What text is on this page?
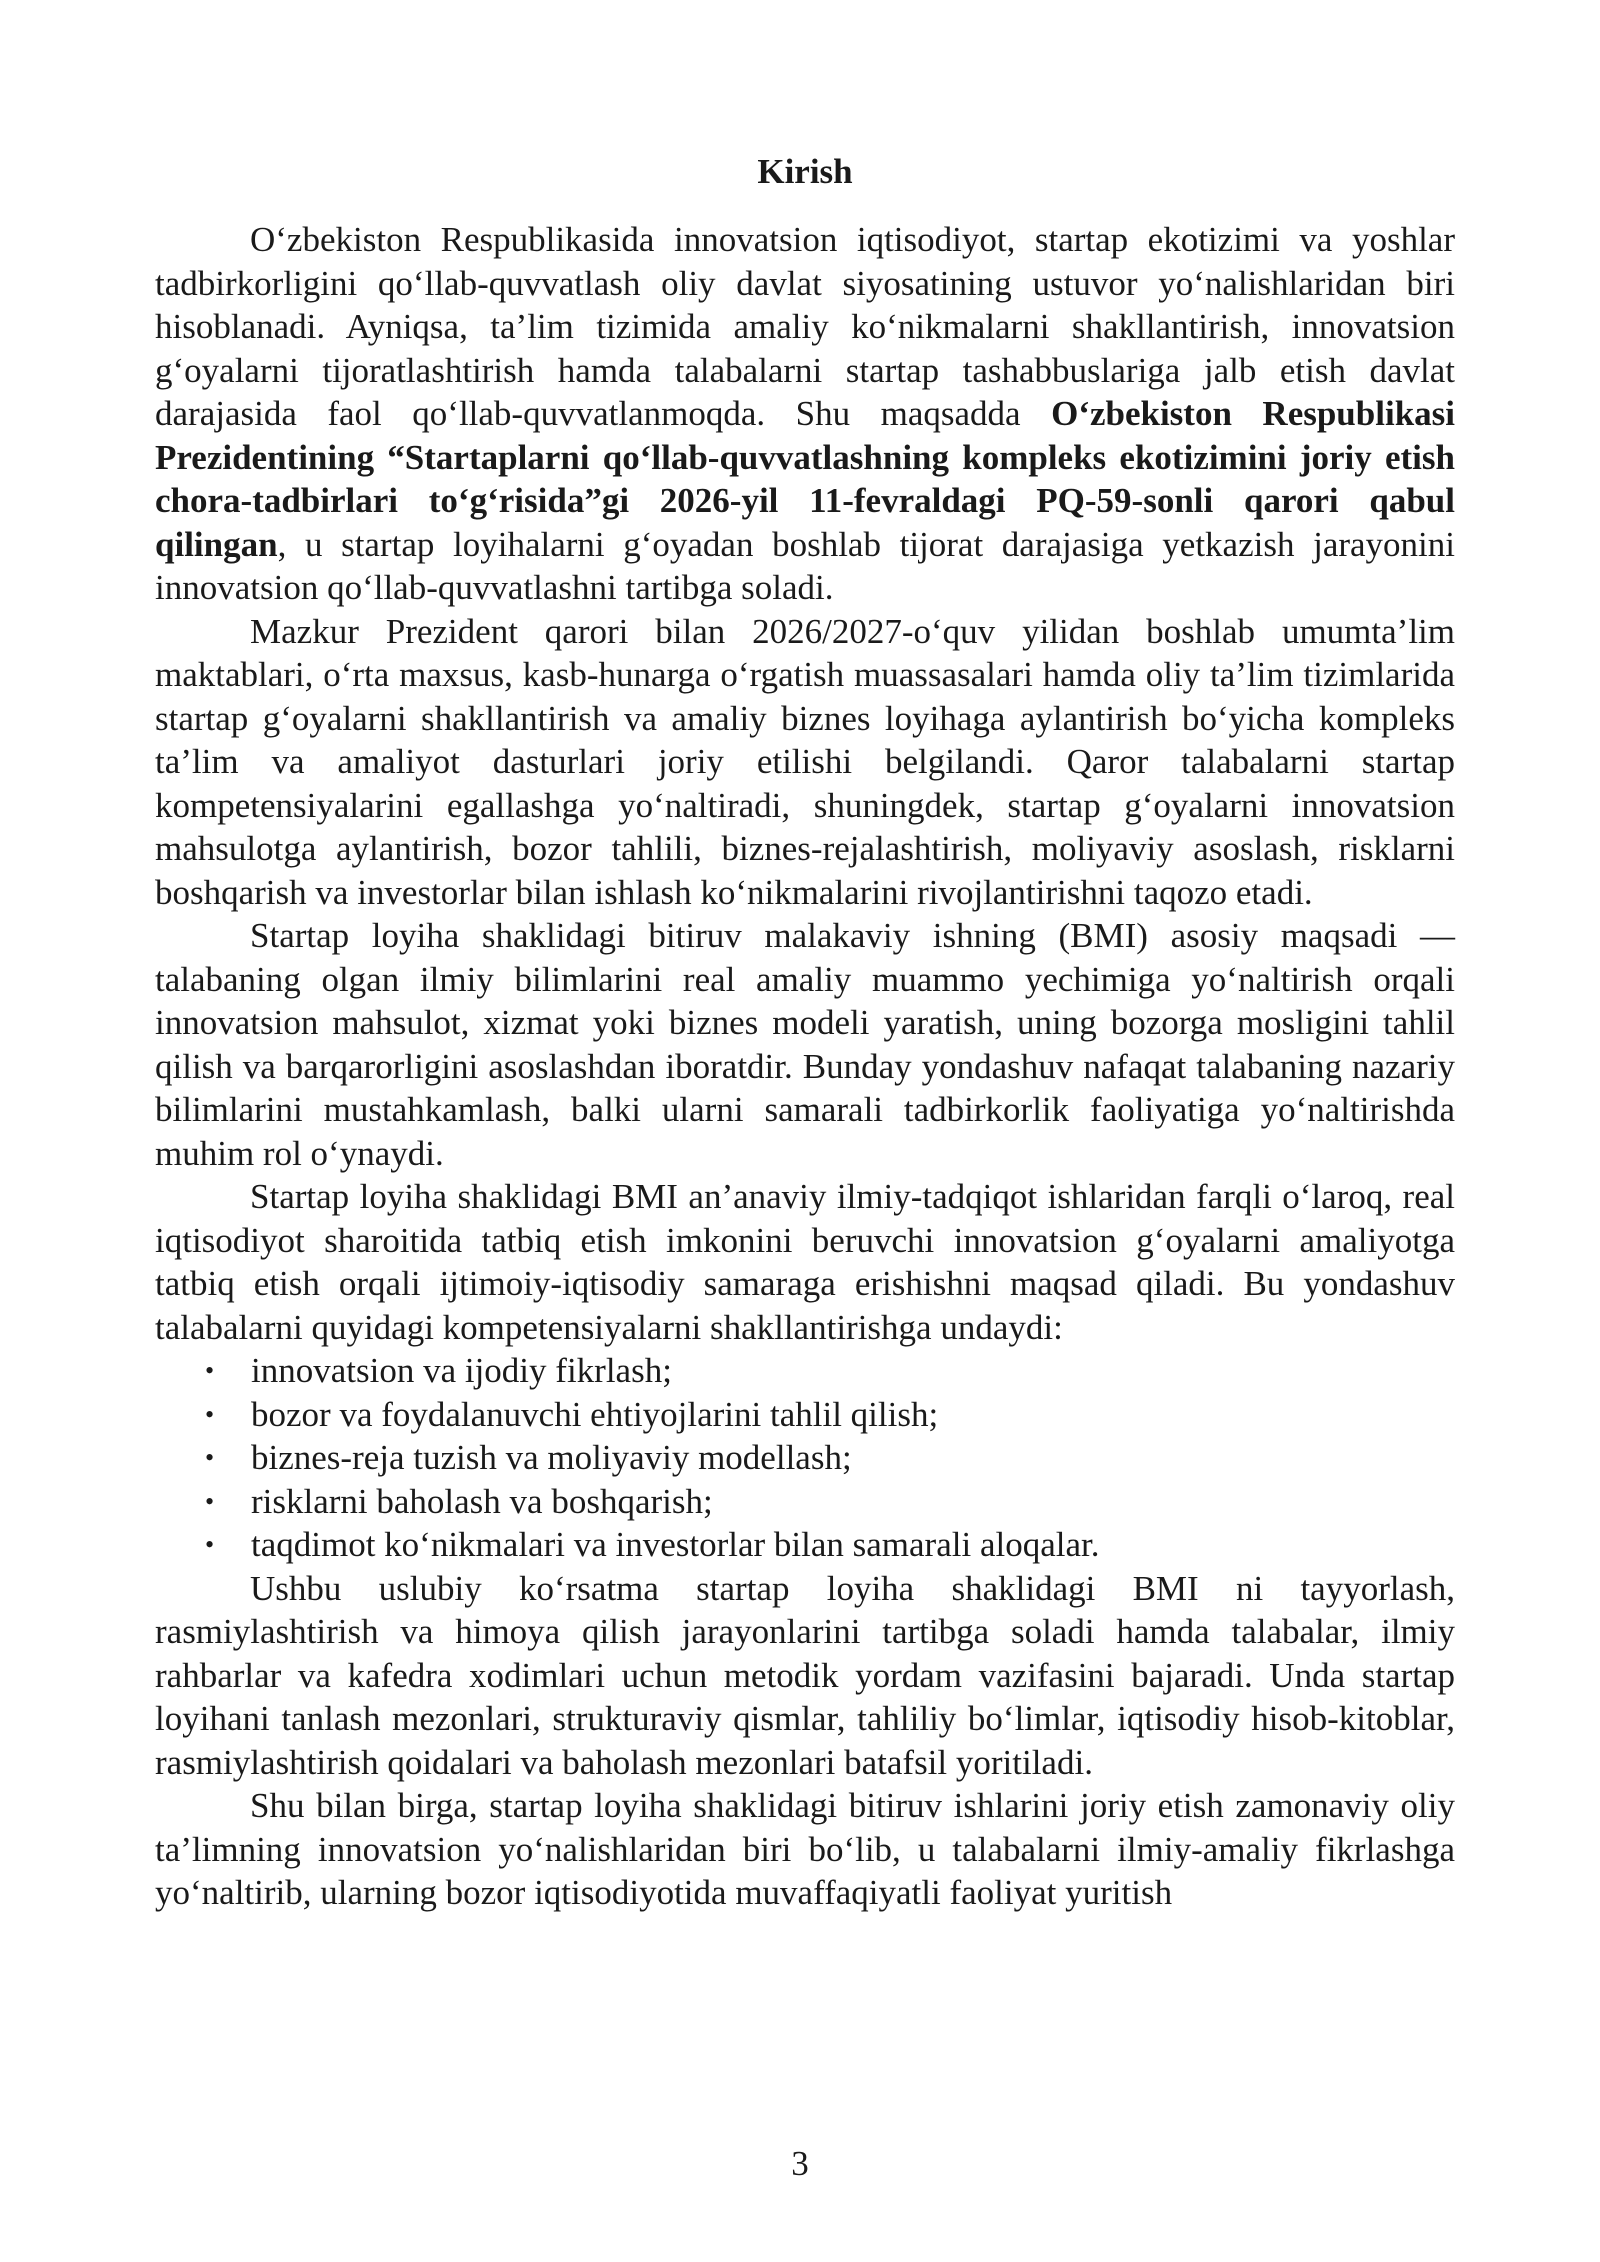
Kirish

O‘zbekiston Respublikasida innovatsion iqtisodiyot, startap ekotizimi va yoshlar tadbirkorligini qo‘llab-quvvatlash oliy davlat siyosatining ustuvor yo‘nalishlaridan biri hisoblanadi. Ayniqsa, ta’lim tizimida amaliy ko‘nikmalarni shakllantirish, innovatsion g‘oyalarni tijoratlashtirish hamda talabalarni startap tashabbuslariga jalb etish davlat darajasida faol qo‘llab-quvvatlanmoqda. Shu maqsadda O‘zbekiston Respublikasi Prezidentining “Startaplarni qo‘llab-quvvatlashning kompleks ekotizimini joriy etish chora-tadbirlari to‘g‘risida”gi 2026-yil 11-fevraldagi PQ-59-sonli qarori qabul qilingan, u startap loyihalarni g‘oyadan boshlab tijorat darajasiga yetkazish jarayonini innovatsion qo‘llab-quvvatlashni tartibga soladi.

Mazkur Prezident qarori bilan 2026/2027-o‘quv yilidan boshlab umumta’lim maktablari, o‘rta maxsus, kasb-hunarga o‘rgatish muassasalari hamda oliy ta’lim tizimlarida startap g‘oyalarni shakllantirish va amaliy biznes loyihaga aylantirish bo‘yicha kompleks ta’lim va amaliyot dasturlari joriy etilishi belgilandi. Qaror talabalarni startap kompetensiyalarini egallashga yo‘naltiradi, shuningdek, startap g‘oyalarni innovatsion mahsulotga aylantirish, bozor tahlili, biznes-rejalashtirish, moliyaviy asoslash, risklarni boshqarish va investorlar bilan ishlash ko‘nikmalarini rivojlantirishni taqozo etadi.

Startap loyiha shaklidagi bitiruv malakaviy ishning (BMI) asosiy maqsadi — talabaning olgan ilmiy bilimlarini real amaliy muammo yechimiga yo‘naltirish orqali innovatsion mahsulot, xizmat yoki biznes modeli yaratish, uning bozorga mosligini tahlil qilish va barqarorligini asoslashdan iboratdir. Bunday yondashuv nafaqat talabaning nazariy bilimlarini mustahkamlash, balki ularni samarali tadbirkorlik faoliyatiga yo‘naltirishda muhim rol o‘ynaydi.

Startap loyiha shaklidagi BMI an’anaviy ilmiy-tadqiqot ishlaridan farqli o‘laroq, real iqtisodiyot sharoitida tatbiq etish imkonini beruvchi innovatsion g‘oyalarni amaliyotga tatbiq etish orqali ijtimoiy-iqtisodiy samaraga erishishni maqsad qiladi. Bu yondashuv talabalarni quyidagi kompetensiyalarni shakllantirishga undaydi:

• innovatsion va ijodiy fikrlash;
• bozor va foydalanuvchi ehtiyojlarini tahlil qilish;
• biznes-reja tuzish va moliyaviy modellash;
• risklarni baholash va boshqarish;
• taqdimot ko‘nikmalari va investorlar bilan samarali aloqalar.

Ushbu uslubiy ko‘rsatma startap loyiha shaklidagi BMI ni tayyorlash, rasmiylashtirish va himoya qilish jarayonlarini tartibga soladi hamda talabalar, ilmiy rahbarlar va kafedra xodimlari uchun metodik yordam vazifasini bajaradi. Unda startap loyihani tanlash mezonlari, strukturaviy qismlar, tahliliy bo‘limlar, iqtisodiy hisob-kitoblar, rasmiylashtirish qoidalari va baholash mezonlari batafsil yoritiladi.

Shu bilan birga, startap loyiha shaklidagi bitiruv ishlarini joriy etish zamonaviy oliy ta’limning innovatsion yo‘nalishlaridan biri bo‘lib, u talabalarni ilmiy-amaliy fikrlashga yo‘naltirib, ularning bozor iqtisodiyotida muvaffaqiyatli faoliyat yuritish

3
